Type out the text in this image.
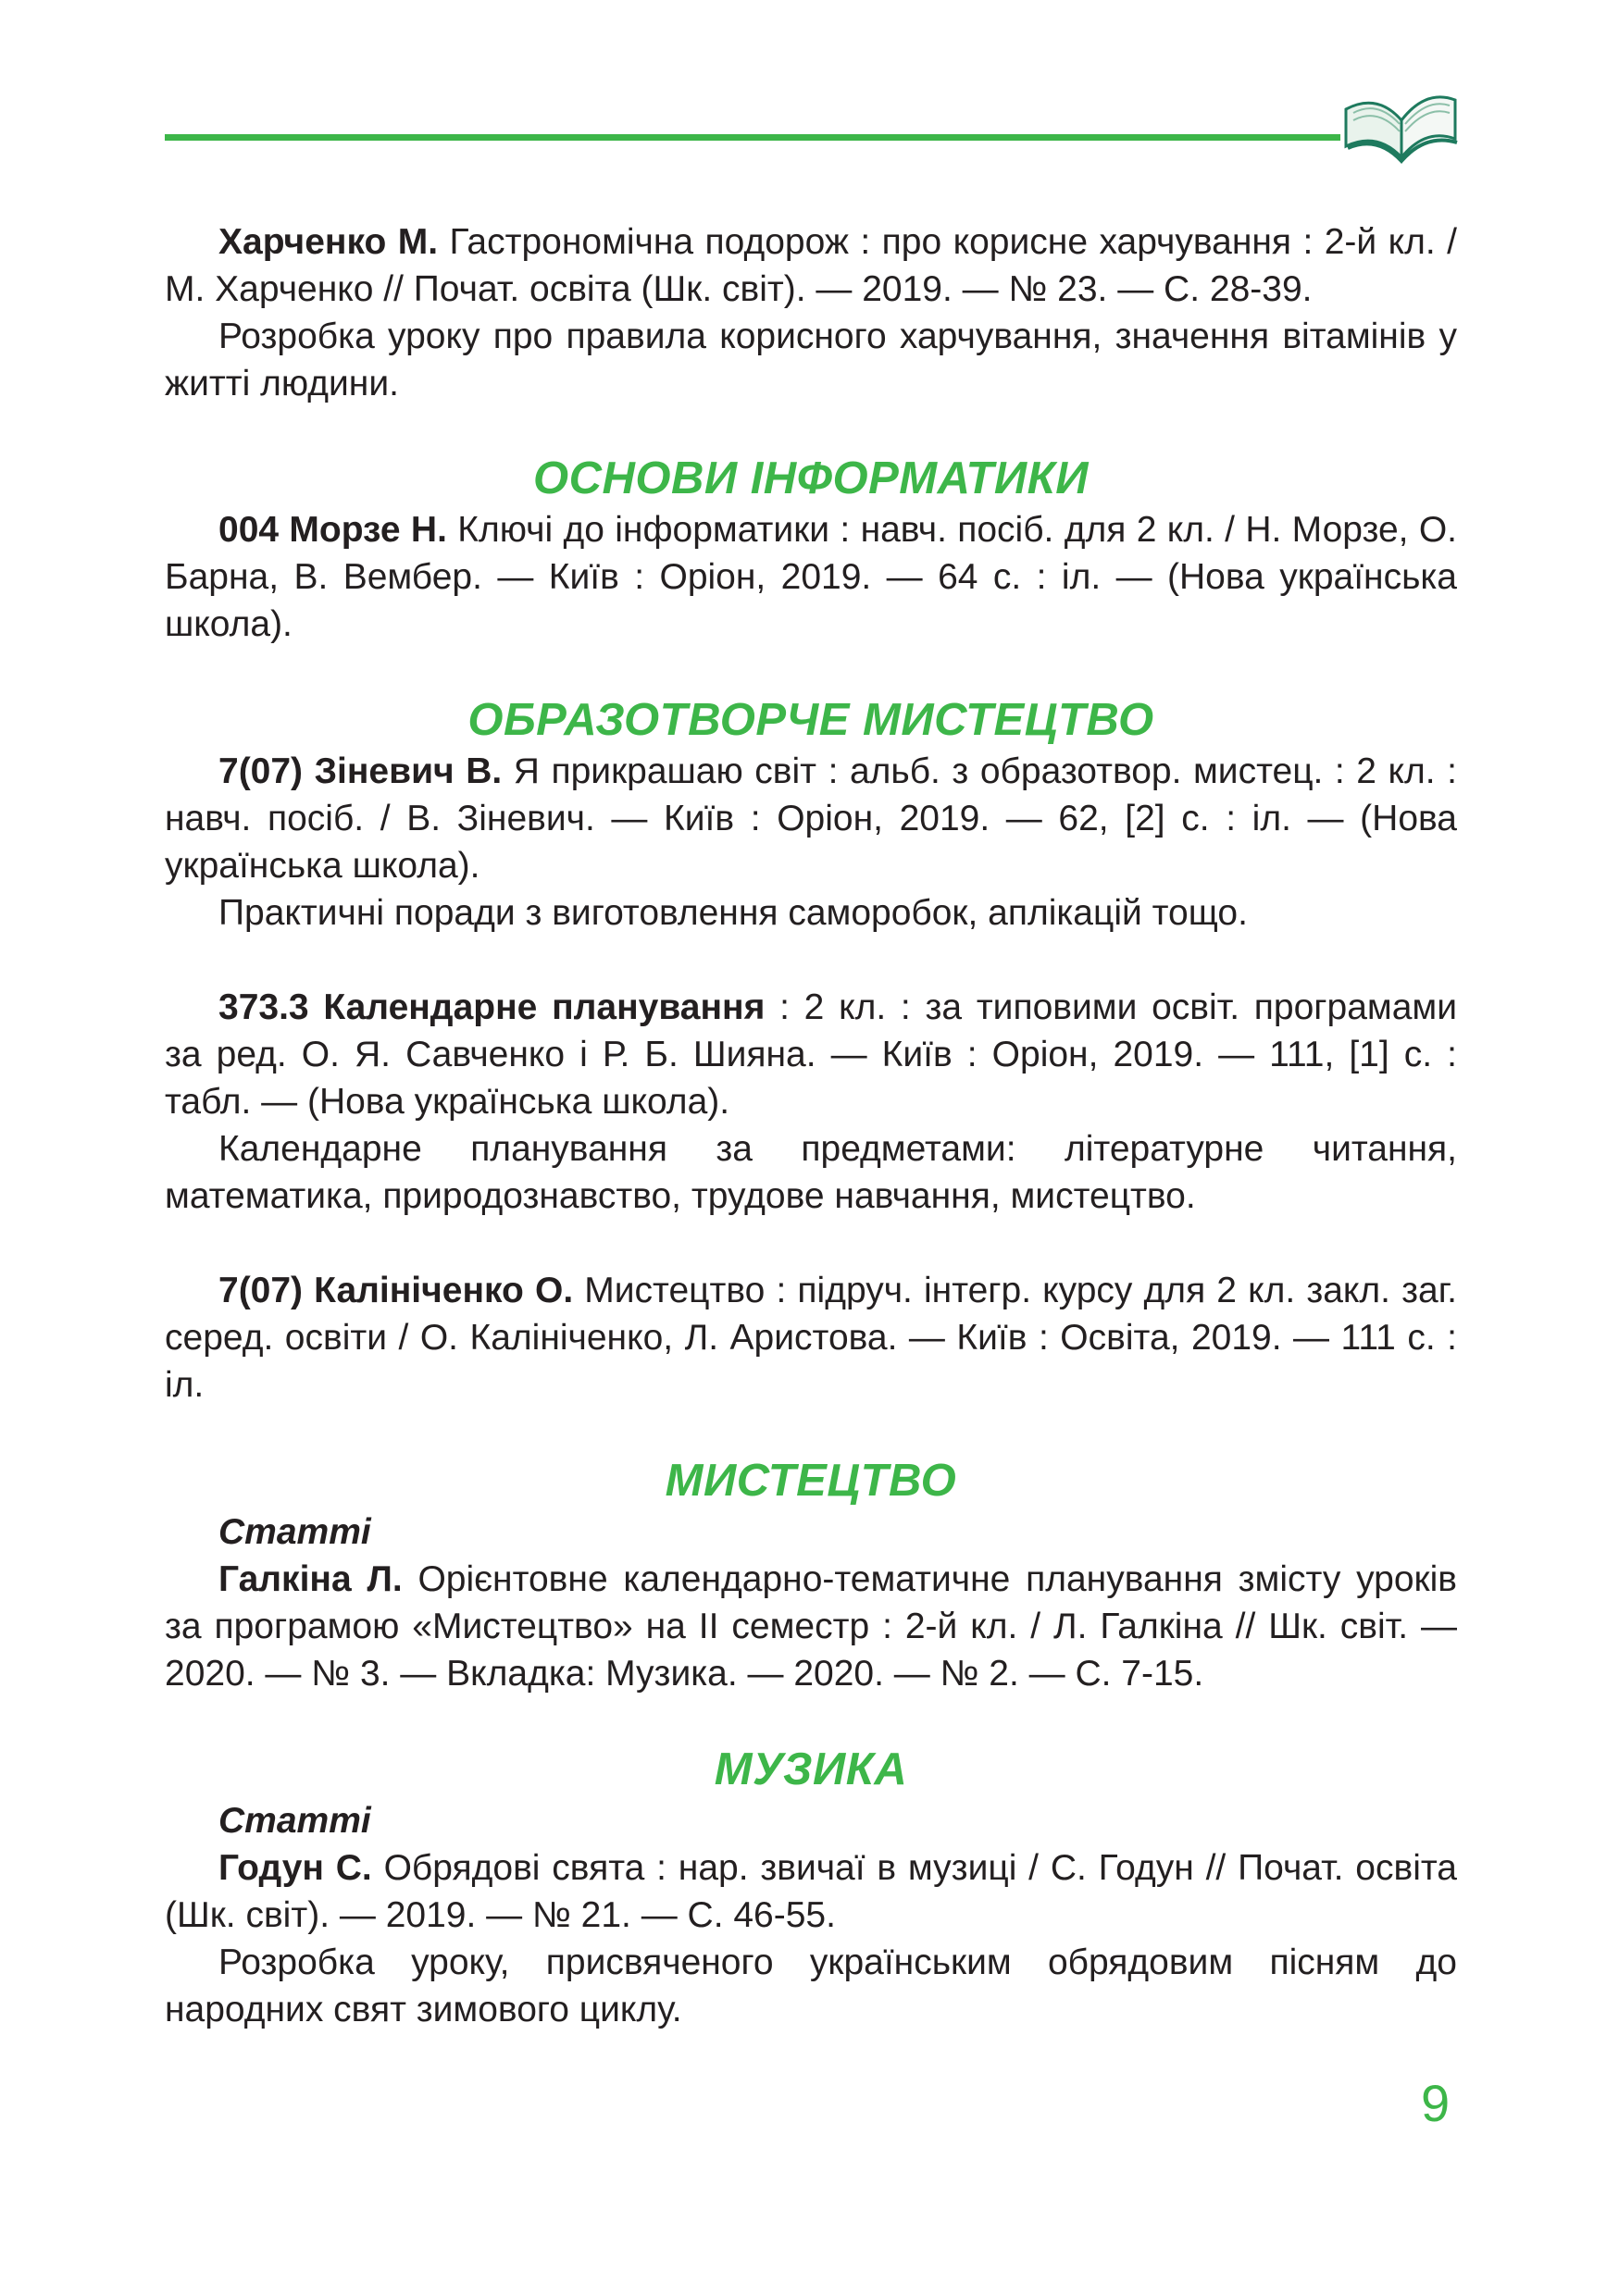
Харченко М. Гастрономічна подорож : про корисне харчування : 2-й кл. / М. Харченко // Почат. освіта (Шк. світ). — 2019. — № 23. — С. 28-39.

Розробка уроку про правила корисного харчування, значення вітамінів у житті людини.

ОСНОВИ ІНФОРМАТИКИ

004 Морзе Н. Ключі до інформатики : навч. посіб. для 2 кл. / Н. Морзе, О. Барна, В. Вембер. — Київ : Оріон, 2019. — 64 с. : іл. — (Нова українська школа).

ОБРАЗОТВОРЧЕ МИСТЕЦТВО

7(07) Зіневич В. Я прикрашаю світ : альб. з образотвор. мистец. : 2 кл. : навч. посіб. / В. Зіневич. — Київ : Оріон, 2019. — 62, [2] с. : іл. — (Нова українська школа).

Практичні поради з виготовлення саморобок, аплікацій тощо.

373.3 Календарне планування : 2 кл. : за типовими освіт. програмами за ред. О. Я. Савченко і Р. Б. Шияна. — Київ : Оріон, 2019. — 111, [1] с. : табл. — (Нова українська школа).

Календарне планування за предметами: літературне читання, математика, природознавство, трудове навчання, мистецтво.

7(07) Калініченко О. Мистецтво : підруч. інтегр. курсу для 2 кл. закл. заг. серед. освіти / О. Калініченко, Л. Аристова. — Київ : Освіта, 2019. — 111 с. : іл.

МИСТЕЦТВО

Статті

Галкіна Л. Орієнтовне календарно-тематичне планування змісту уроків за програмою «Мистецтво» на ІІ семестр : 2-й кл. / Л. Галкіна // Шк. світ. — 2020. — № 3. — Вкладка: Музика. — 2020. — № 2. — С. 7-15.

МУЗИКА

Статті

Годун С. Обрядові свята : нар. звичаї в музиці / С. Годун // Почат. освіта (Шк. світ). — 2019. — № 21. — С. 46-55.

Розробка уроку, присвяченого українським обрядовим пісням до народних свят зимового циклу.

9
